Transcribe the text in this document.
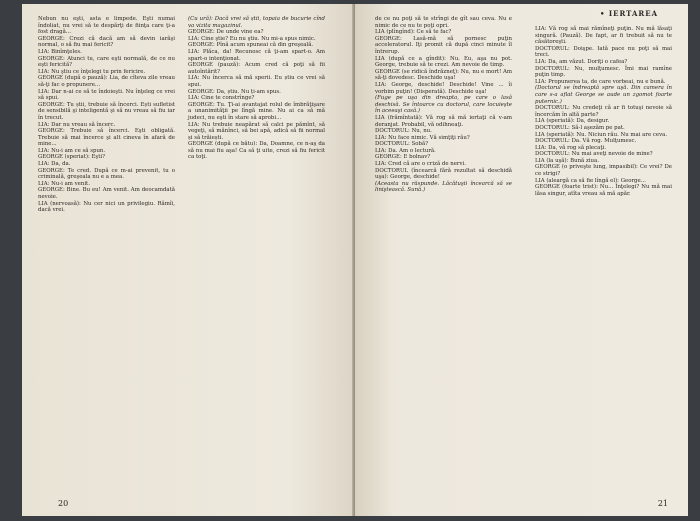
Nebun nu eşti, asta e limpede. Eşti numai îndoliat, nu vrei să te despărţi de fiinţa care ţi-a fost dragă...

GEORGE: Crezi că dacă am să devin iarăşi normal, o să fiu mai fericit?

LIA: Binîmţeles.

GEORGE: Atunci tu, care eşti normală, de ce nu eşti fericită?

LIA: Nu ştiu ce înţelegi tu prin fericire.

GEORGE (după o pauză): Lia, de cîteva zile vreau să-ţi fac o propunere...

LIA: Dar n-ai ce să te îndoieşti. Nu înţeleg ce vrei să spui.

GEORGE: Tu știi, trebuie să încerci. Ești sufletist de sensibilă şi inteligentă şi să nu vreau să fiu iar în trecut.

LIA: Dar nu vreau să încerc.

GEORGE: Trebuie să încerci. Eşti obligată. Trebuie să mai încerce şi alt cineva în afară de mine...

LIA: Nu-i am ce să spun.

GEORGE (speriat): Eşti?

LIA: Da, da.

GEORGE: Te cred. După ce m-ai prevenit, tu o criminală, greşeala nu e a mea.

LIA: Nu-i am venit.

GEORGE: Bine. Bu eu! Am venit. Am deocamdată nevoie.

LIA (nervoasă): Nu cer nici un privilegiu. Rămîi, dacă vrei.

(Cu ură): Dacă vrei să știi, topaia de bucurie cînd va vizita magazinul.

GEORGE: De unde vine ea?

LIA: Cine ştie? Eu nu ştiu. Nu mi-a spus nimic.

GEORGE: Pînă acum spuneai că din greşeală.

LIA: Plăca, da! Recunosc că ţi-am spart-o. Am spart-o intenţionat.

GEORGE (pauză): Acum cred că poţi să fii autoîntărit?

LIA: Nu încerca să mă sperii. Eu știu ce vrei să spui.

GEORGE: Da, știu. Nu ți-am spus.

LIA: Cine te constrînge?

GEORGE: Tu. Ţi-ai avantajat rolul de îmbrăţişare a unanimităţii pe lîngă mine. Nu ai ca să mă judeci, nu eşti în stare să aprobi...

LIA: Nu trebuie neapărat să calci pe pămînt, să vegeţi, să mănînci, să bei apă, adică să fii normal și să trăiești.

GEORGE (după ce bătu): Da, Doamne, ce n-aş da să nu mai fiu aşa! Ca să ţi uite, crezi să fiu fericit ca toţi.

20
• IERTAREA

de ce nu poţi să te strîngi de gît sau ceva. Nu e nimic de ce nu te poţi opri.

LIA (plîngînd): Ce să te fac?

GEORGE: Lasă-mă să pornesc puţin acceleratorul. Iţi promit că după cinci minute îl întrerup.

LIA (după ce a gîndit): Nu. Eu, aşa nu pot. George, trebuie să te crezi. Am nevoie de timp.

GEORGE (se ridică îndrăzneţ): Nu, nu e mort! Am să-ţi dovedesc. Deschide uşa!

LIA: George, deschide! Deschide! Vine ... îi vorbim puţin! (Disperată). Deschide uşa!

(Fuge pe uşa din dreapta, pe care o lasă deschisă. Se întoarce cu doctorul, care locuieşte în aceeaşi casă.)

LIA (frămîntată): Vă rog să mă iertaţi că v-am deranjat. Probabil, vă odihneaţi.

DOCTORUL: Nu, nu.

LIA: Nu face nimic. Vă simţiţi rău?

DOCTORUL: Sobă?

LIA: Da. Am o lectură.

GEORGE: E bolnav?

LIA: Cred că are o criză de nervi.

DOCTORUL (încearcă fără rezultat să deschidă uşa): George, deschide!

(Aceasta nu răspunde. Lăcătuşii încearcă să se liniştească. Sună.)

LIA: Vă rog să mai rămîneţi puţin. Nu mă lăsaţi singură. (Pauză). De fapt, ar fi trebuit să nu te căsătoreşti.

DOCTORUL: Doişpe. Iată pace nu poţi să mai treci.

LIA: Da, am văzut. Doriţi o cafea?

DOCTORUL: Nu, mulţumesc. Îmi mai ramîne puţin timp.

LIA: Propunerea ta, de care vorbeai, nu e bună.

(Doctorul se îndreaptă spre uşă. Din camera în care s-a aflat George se aude un zgomot foarte puternic.)

DOCTORUL: Nu credeţi că ar fi totuşi nevoie să încercăm în altă parte?

LIA (speriată): Da, desigur.

DOCTORUL: Să-l aşezăm pe pat.

LIA (speriată): Nu. Niciun rău. Nu mai are ceva.

DOCTORUL: Da. Vă rog. Mulţumesc.

LIA: Da, vă rog să plecaţi.

DOCTORUL: Nu mai aveţi nevoie de mine?

LIA (la uşă): Bună ziua.

GEORGE (o priveşte lung, impasibil): Ce vrei? De ce strigi?

LIA (aleargă ca să fie lîngă el): George...

GEORGE (foarte trist): Nu... Înţelegi? Nu mă mai lăsa singur, atîta vreau să mă apăr.

21
